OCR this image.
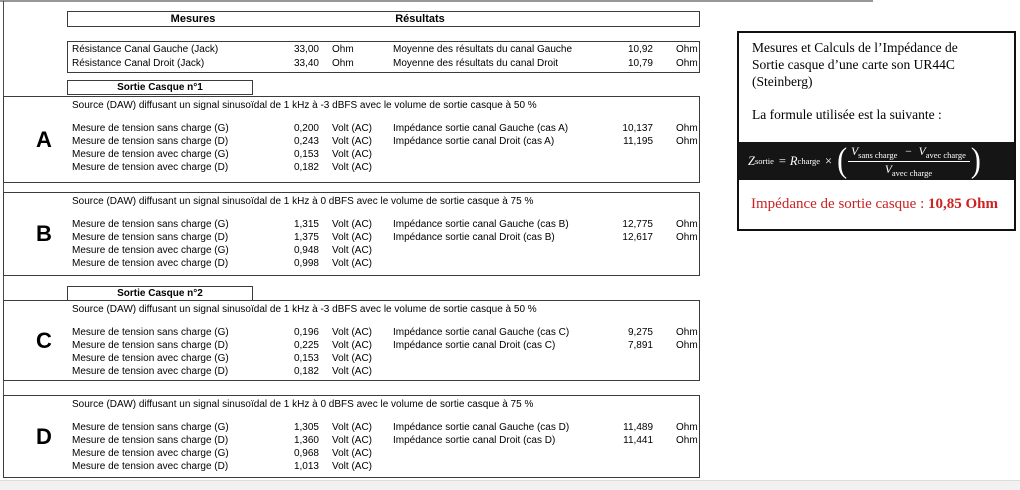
Mesures	Résultats
Résistance Canal Gauche (Jack)	33,00 Ohm	Moyenne des résultats du canal Gauche	10,92 Ohm
Résistance Canal Droit (Jack)	33,40 Ohm	Moyenne des résultats du canal Droit	10,79 Ohm
Sortie Casque n°1
A
Source (DAW) diffusant un signal sinusoïdal de 1 kHz à -3 dBFS avec le volume de sortie casque à 50 %
Mesure de tension sans charge (G)	0,200 Volt (AC) Impédance sortie canal Gauche (cas A)	10,137 Ohm
Mesure de tension sans charge (D)	0,243 Volt (AC) Impédance sortie canal Droit (cas A)	11,195 Ohm
Mesure de tension avec charge (G)	0,153 Volt (AC)
Mesure de tension avec charge (D)	0,182 Volt (AC)
B
Source (DAW) diffusant un signal sinusoïdal de 1 kHz à 0 dBFS avec le volume de sortie casque à 75 %
Mesure de tension sans charge (G)	1,315 Volt (AC) Impédance sortie canal Gauche (cas B)	12,775 Ohm
Mesure de tension sans charge (D)	1,375 Volt (AC) Impédance sortie canal Droit (cas B)	12,617 Ohm
Mesure de tension avec charge (G)	0,948 Volt (AC)
Mesure de tension avec charge (D)	0,998 Volt (AC)
Sortie Casque n°2
C
Source (DAW) diffusant un signal sinusoïdal de 1 kHz à -3 dBFS avec le volume de sortie casque à 50 %
Mesure de tension sans charge (G)	0,196 Volt (AC) Impédance sortie canal Gauche (cas C)	9,275 Ohm
Mesure de tension sans charge (D)	0,225 Volt (AC) Impédance sortie canal Droit (cas C)	7,891 Ohm
Mesure de tension avec charge (G)	0,153 Volt (AC)
Mesure de tension avec charge (D)	0,182 Volt (AC)
D
Source (DAW) diffusant un signal sinusoïdal de 1 kHz à 0 dBFS avec le volume de sortie casque à 75 %
Mesure de tension sans charge (G)	1,305 Volt (AC) Impédance sortie canal Gauche (cas D)	11,489 Ohm
Mesure de tension sans charge (D)	1,360 Volt (AC) Impédance sortie canal Droit (cas D)	11,441 Ohm
Mesure de tension avec charge (G)	0,968 Volt (AC)
Mesure de tension avec charge (D)	1,013 Volt (AC)
Mesures et Calculs de l’Impédance de
Sortie casque d’une carte son UR44C
(Steinberg)
La formule utilisée est la suivante :
Z sortie = R charge × ( $\frac{V_{sans charge} - V_{avec charge}}{V_{avec charge}}$ )
Impédance de sortie casque : 10,85 Ohm
